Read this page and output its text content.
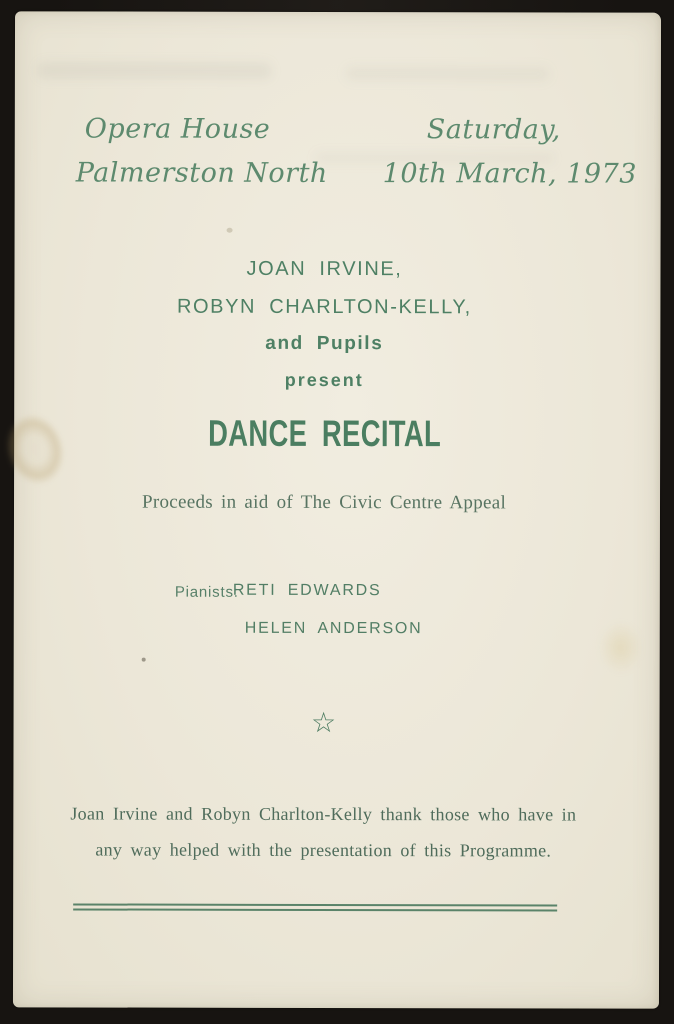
Opera House
Palmerston North
Saturday,
10th March, 1973
JOAN IRVINE,
ROBYN CHARLTON-KELLY,
and Pupils
present
DANCE RECITAL
Proceeds in aid of The Civic Centre Appeal
Pianists:
RETI EDWARDS
HELEN ANDERSON
☆
Joan Irvine and Robyn Charlton-Kelly thank those who have in
any way helped with the presentation of this Programme.
